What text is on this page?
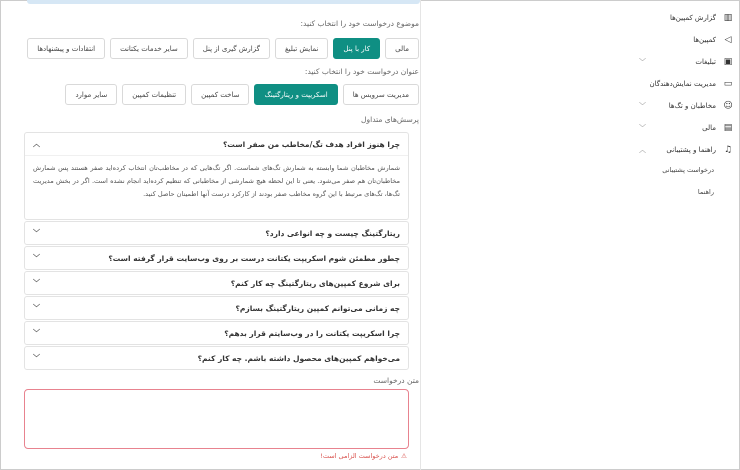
موضوع درخواست خود را انتخاب کنید:
مالی
کار با پنل
نمایش تبلیغ
گزارش گیری از پنل
سایر خدمات یکتانت
انتقادات و پیشنهادها
عنوان درخواست خود را انتخاب کنید:
مدیریت سرویس ها
اسکریپت و ریتارگتینگ
ساخت کمپین
تنظیمات کمپین
سایر موارد
پرسش‌های متداول
چرا هنوز افراد هدف تگ/مخاطب من صفر است؟
︿
شمارش مخاطبان شما وابسته به شمارش تگ‌های شماست. اگر تگ‌هایی که در مخاطب‌تان انتخاب کرده‌اید صفر هستند پس شمارش مخاطبان‌تان هم صفر می‌شود. یعنی تا این لحظه هیچ شمارشی از مخاطبانی که تنظیم کرده‌اید انجام نشده است. اگر در بخش مدیریت تگ‌ها، تگ‌های مرتبط با این گروه مخاطب صفر بودند از کارکرد درست آنها اطمینان حاصل کنید.
ریتارگتینگ چیست و چه انواعی دارد؟
﹀
چطور مطمئن شوم اسکریپت یکتانت درست بر روی وب‌سایت قرار گرفته است؟
﹀
برای شروع کمپین‌های ریتارگتینگ چه کار کنم؟
﹀
چه زمانی می‌توانم کمپین ریتارگتینگ بسازم؟
﹀
چرا اسکریپت یکتانت را در وب‌سایتم قرار بدهم؟
﹀
می‌خواهم کمپین‌های محصول داشته باشم. چه کار کنم؟
﹀
متن درخواست
⚠
متن درخواست الزامی است!
▥
گزارش کمپین‌ها
◁
کمپین‌ها
▣
تبلیغات
﹀
▭
مدیریت نمایش‌دهندگان
☺
مخاطبان و تگ‌ها
﹀
▤
مالی
﹀
♫
راهنما و پشتیبانی
︿
درخواست پشتیبانی
راهنما
